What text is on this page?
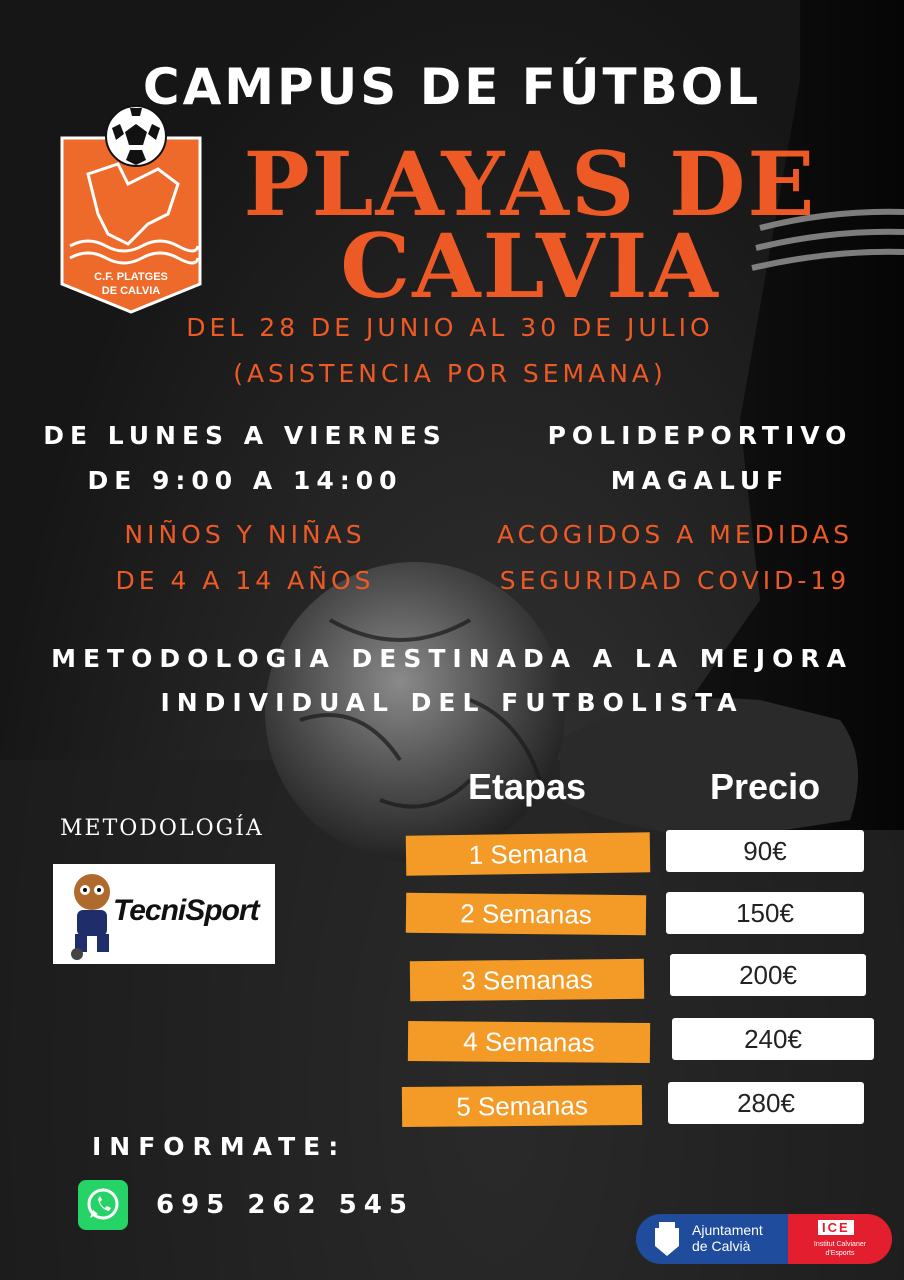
CAMPUS DE FÚTBOL
PLAYAS DE
CALVIA
C.F. PLATGES
DE CALVIA
DEL 28 DE JUNIO AL 30 DE JULIO
(ASISTENCIA POR SEMANA)
DE LUNES A VIERNES
DE 9:00 A 14:00
NIÑOS Y NIÑAS
DE 4 A 14 AÑOS
POLIDEPORTIVO
MAGALUF
ACOGIDOS A MEDIDAS
SEGURIDAD COVID-19
METODOLOGIA DESTINADA A LA MEJORA
INDIVIDUAL DEL FUTBOLISTA
Etapas	Precio
1 Semana	90€
2 Semanas	150€
3 Semanas	200€
4 Semanas	240€
5 Semanas	280€
METODOLOGÍA
TecniSport
INFORMATE:
695 262 545
Ajuntament
de Calvià
ICE
Institut Calvianer
d'Esports
